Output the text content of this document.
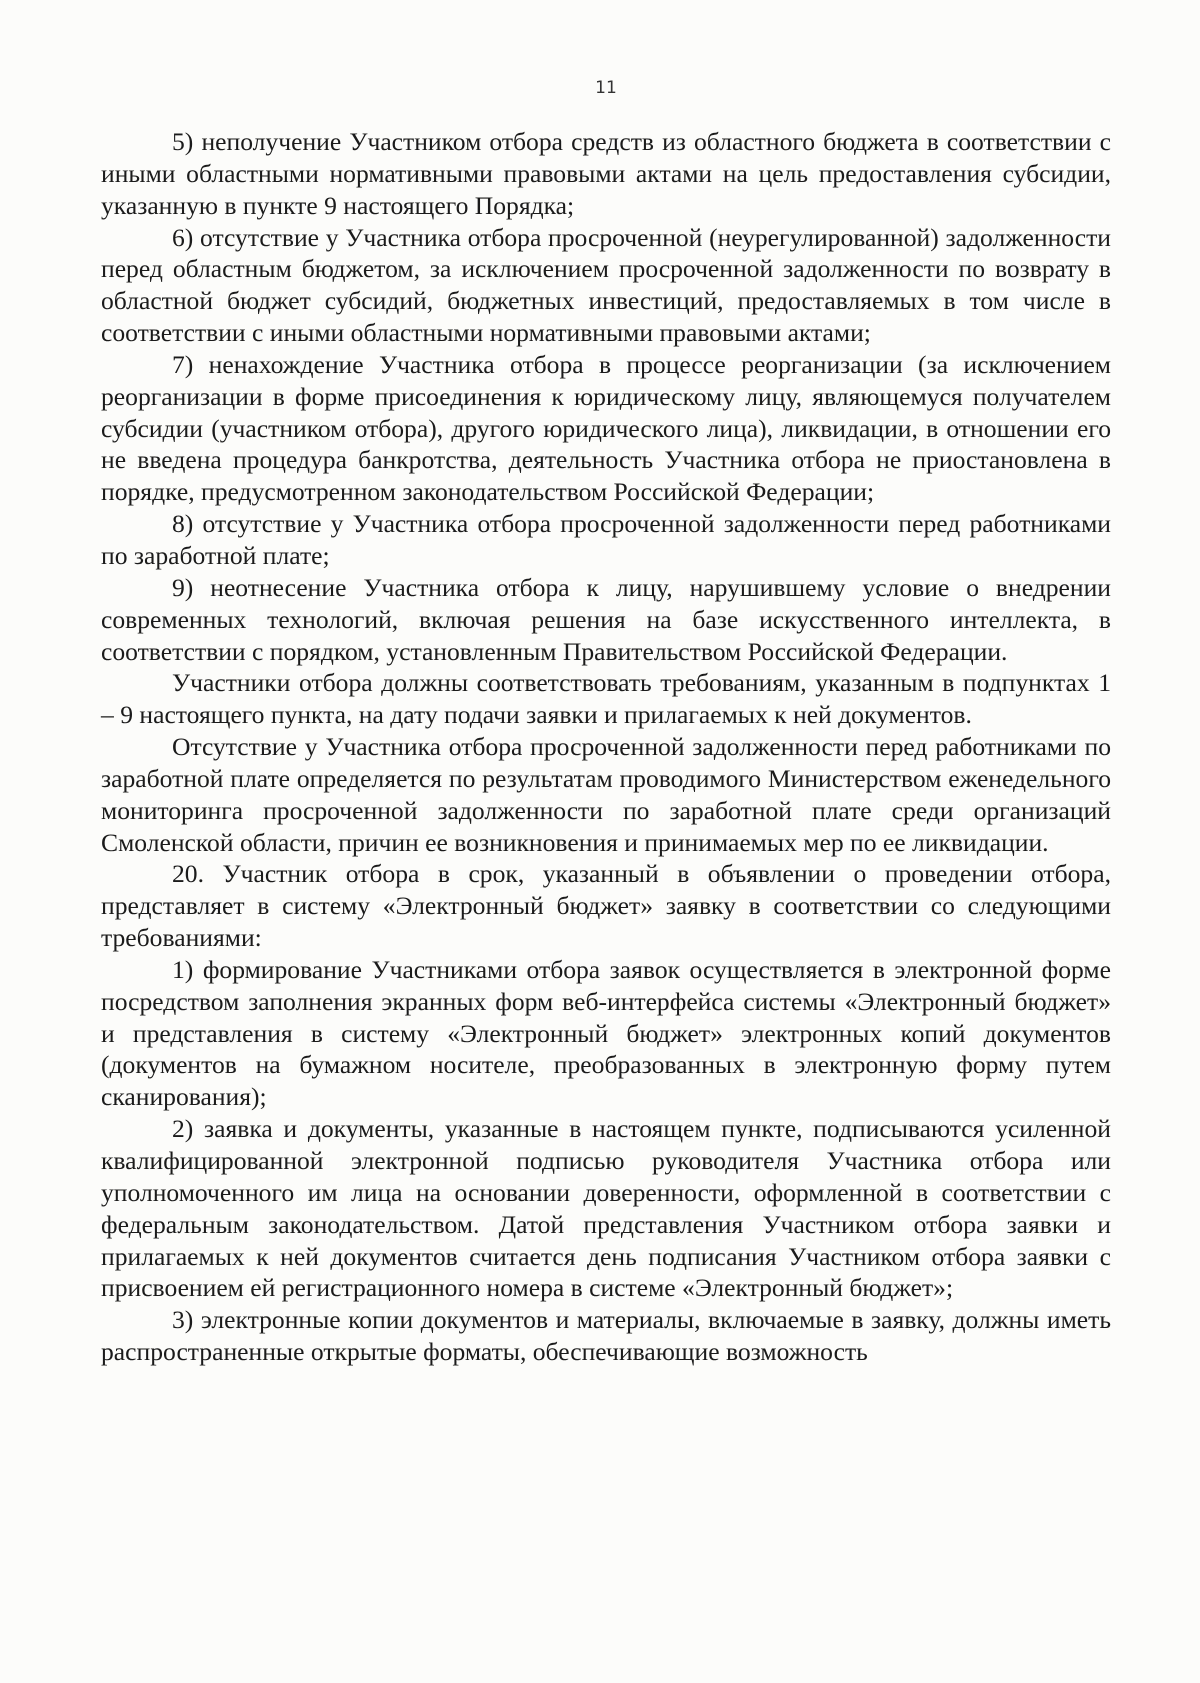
11

5) неполучение Участником отбора средств из областного бюджета в соответствии с иными областными нормативными правовыми актами на цель предоставления субсидии, указанную в пункте 9 настоящего Порядка;

6) отсутствие у Участника отбора просроченной (неурегулированной) задолженности перед областным бюджетом, за исключением просроченной задолженности по возврату в областной бюджет субсидий, бюджетных инвестиций, предоставляемых в том числе в соответствии с иными областными нормативными правовыми актами;

7) ненахождение Участника отбора в процессе реорганизации (за исключением реорганизации в форме присоединения к юридическому лицу, являющемуся получателем субсидии (участником отбора), другого юридического лица), ликвидации, в отношении его не введена процедура банкротства, деятельность Участника отбора не приостановлена в порядке, предусмотренном законодательством Российской Федерации;

8) отсутствие у Участника отбора просроченной задолженности перед работниками по заработной плате;

9) неотнесение Участника отбора к лицу, нарушившему условие о внедрении современных технологий, включая решения на базе искусственного интеллекта, в соответствии с порядком, установленным Правительством Российской Федерации.

Участники отбора должны соответствовать требованиям, указанным в подпунктах 1 – 9 настоящего пункта, на дату подачи заявки и прилагаемых к ней документов.

Отсутствие у Участника отбора просроченной задолженности перед работниками по заработной плате определяется по результатам проводимого Министерством еженедельного мониторинга просроченной задолженности по заработной плате среди организаций Смоленской области, причин ее возникновения и принимаемых мер по ее ликвидации.

20. Участник отбора в срок, указанный в объявлении о проведении отбора, представляет в систему «Электронный бюджет» заявку в соответствии со следующими требованиями:

1) формирование Участниками отбора заявок осуществляется в электронной форме посредством заполнения экранных форм веб-интерфейса системы «Электронный бюджет» и представления в систему «Электронный бюджет» электронных копий документов (документов на бумажном носителе, преобразованных в электронную форму путем сканирования);

2) заявка и документы, указанные в настоящем пункте, подписываются усиленной квалифицированной электронной подписью руководителя Участника отбора или уполномоченного им лица на основании доверенности, оформленной в соответствии с федеральным законодательством. Датой представления Участником отбора заявки и прилагаемых к ней документов считается день подписания Участником отбора заявки с присвоением ей регистрационного номера в системе «Электронный бюджет»;

3) электронные копии документов и материалы, включаемые в заявку, должны иметь распространенные открытые форматы, обеспечивающие возможность
